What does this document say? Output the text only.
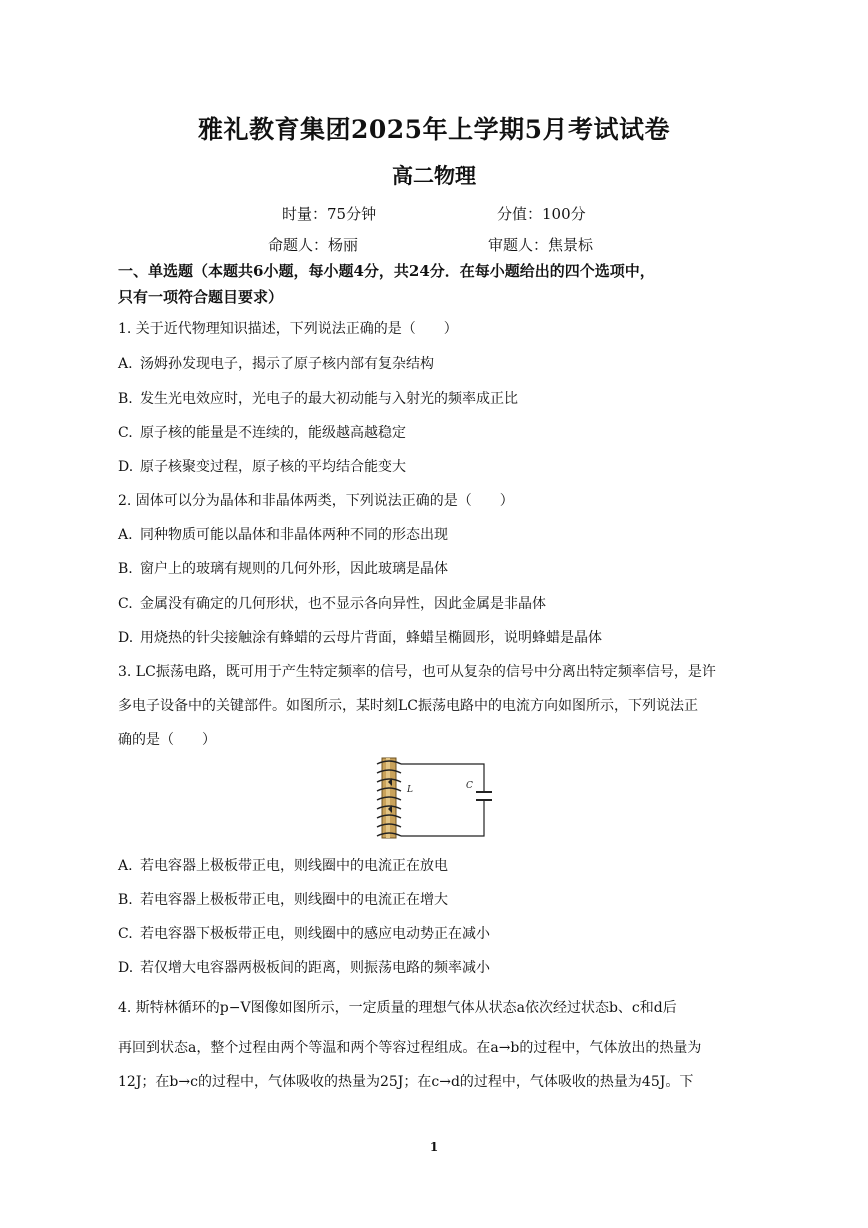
雅礼教育集团2025年上学期5月考试试卷
高二物理
时量：75分钟	分值：100分
命题人：杨丽	审题人：焦景标
一、单选题（本题共6小题，每小题4分，共24分．在每小题给出的四个选项中，
只有一项符合题目要求）
1. 关于近代物理知识描述，下列说法正确的是（　　）
A. 汤姆孙发现电子，揭示了原子核内部有复杂结构
B. 发生光电效应时，光电子的最大初动能与入射光的频率成正比
C. 原子核的能量是不连续的，能级越高越稳定
D. 原子核聚变过程，原子核的平均结合能变大
2. 固体可以分为晶体和非晶体两类，下列说法正确的是（　　）
A. 同种物质可能以晶体和非晶体两种不同的形态出现
B. 窗户上的玻璃有规则的几何外形，因此玻璃是晶体
C. 金属没有确定的几何形状，也不显示各向异性，因此金属是非晶体
D. 用烧热的针尖接触涂有蜂蜡的云母片背面，蜂蜡呈椭圆形，说明蜂蜡是晶体
3. LC振荡电路，既可用于产生特定频率的信号，也可从复杂的信号中分离出特定频率信号，是许
多电子设备中的关键部件。如图所示，某时刻LC振荡电路中的电流方向如图所示，下列说法正
确的是（　　）
L	C
A. 若电容器上极板带正电，则线圈中的电流正在放电
B. 若电容器上极板带正电，则线圈中的电流正在增大
C. 若电容器下极板带正电，则线圈中的感应电动势正在减小
D. 若仅增大电容器两极板间的距离，则振荡电路的频率减小
4. 斯特林循环的p−V图像如图所示，一定质量的理想气体从状态a依次经过状态b、c和d后
再回到状态a，整个过程由两个等温和两个等容过程组成。在a→b的过程中，气体放出的热量为
12J；在b→c的过程中，气体吸收的热量为25J；在c→d的过程中，气体吸收的热量为45J。下
1
